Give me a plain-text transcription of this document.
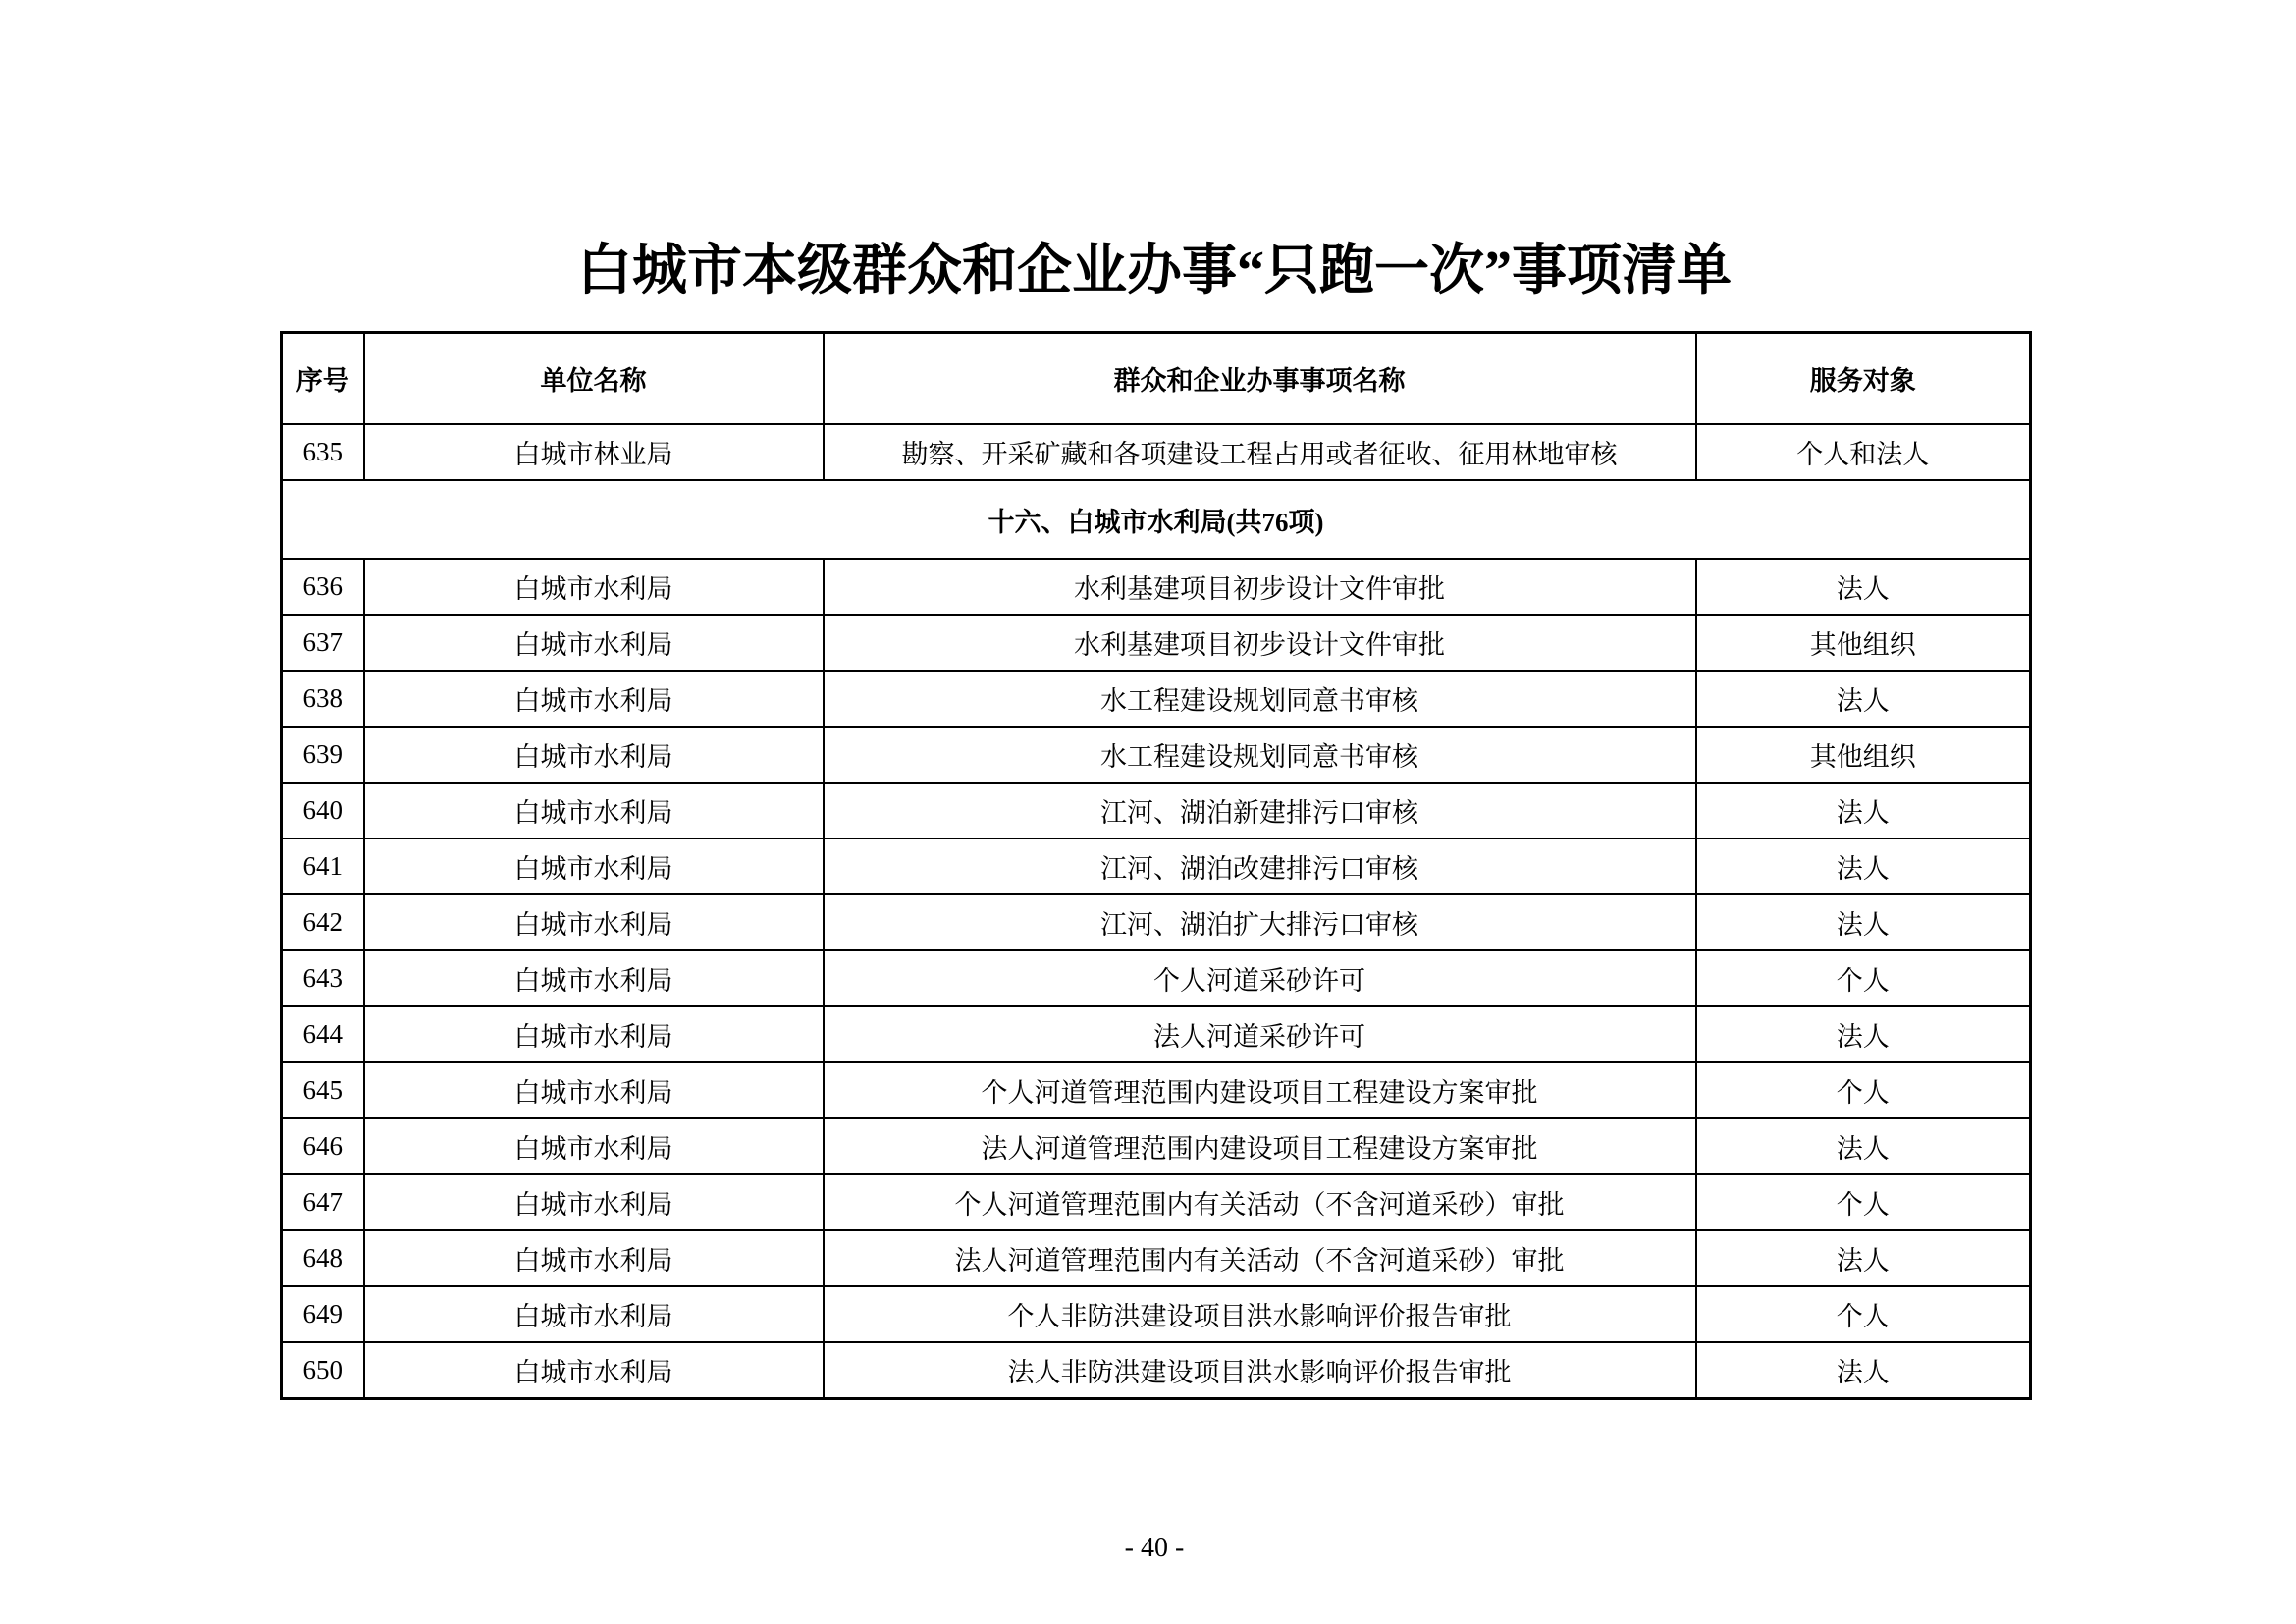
白城市本级群众和企业办事“只跑一次”事项清单
序号	单位名称	群众和企业办事事项名称	服务对象
635	白城市林业局	勘察、开采矿藏和各项建设工程占用或者征收、征用林地审核	个人和法人
十六、白城市水利局(共76项)			
636	白城市水利局	水利基建项目初步设计文件审批	法人
637	白城市水利局	水利基建项目初步设计文件审批	其他组织
638	白城市水利局	水工程建设规划同意书审核	法人
639	白城市水利局	水工程建设规划同意书审核	其他组织
640	白城市水利局	江河、湖泊新建排污口审核	法人
641	白城市水利局	江河、湖泊改建排污口审核	法人
642	白城市水利局	江河、湖泊扩大排污口审核	法人
643	白城市水利局	个人河道采砂许可	个人
644	白城市水利局	法人河道采砂许可	法人
645	白城市水利局	个人河道管理范围内建设项目工程建设方案审批	个人
646	白城市水利局	法人河道管理范围内建设项目工程建设方案审批	法人
647	白城市水利局	个人河道管理范围内有关活动（不含河道采砂）审批	个人
648	白城市水利局	法人河道管理范围内有关活动（不含河道采砂）审批	法人
649	白城市水利局	个人非防洪建设项目洪水影响评价报告审批	个人
650	白城市水利局	法人非防洪建设项目洪水影响评价报告审批	法人
- 40 -
